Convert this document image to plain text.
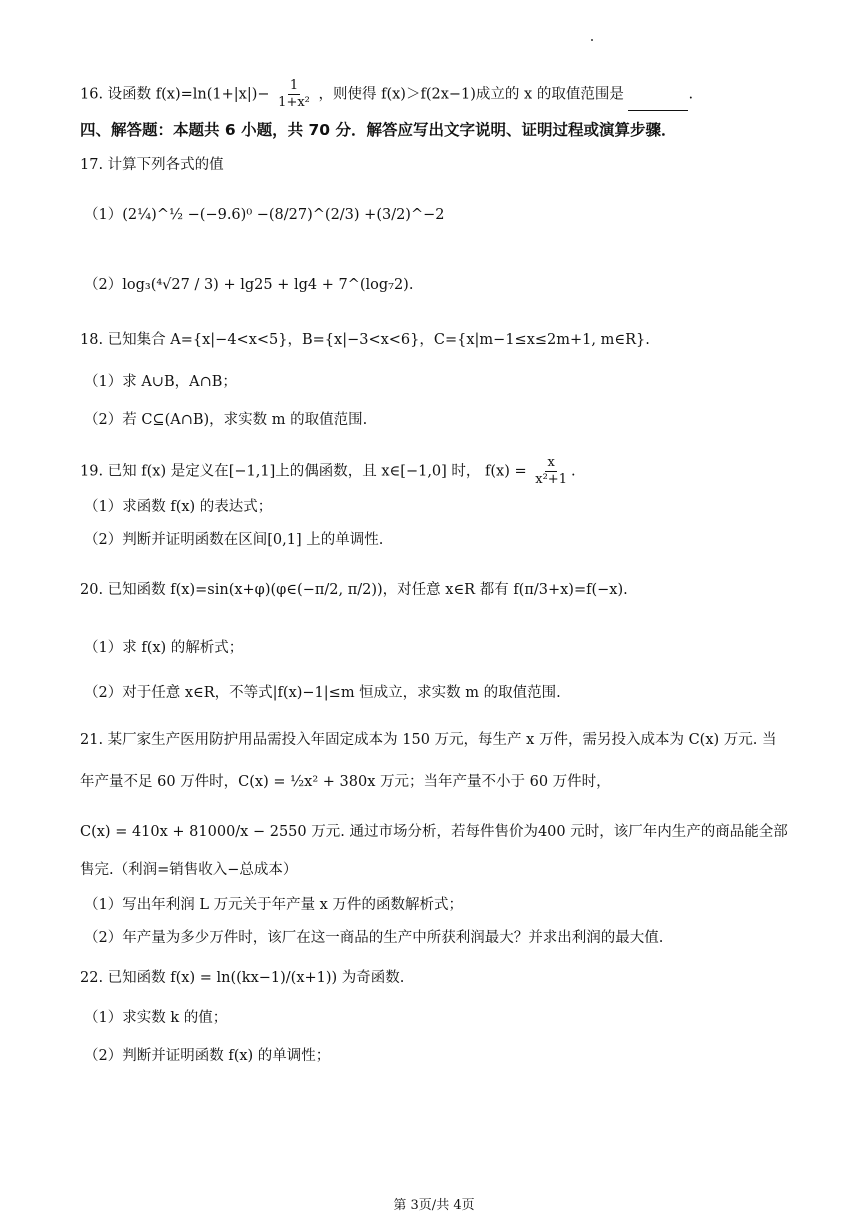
16. 设函数 $f(x)=\ln(1+|x|)- \frac{1}{\text{1+x²}}$ ，则使得 f(x)＞f(2x−1)成立的 x 的取值范围是	.
四、解答题：本题共 6 小题，共 70 分．解答应写出文字说明、证明过程或演算步骤．
17. 计算下列各式的值
（1）(2¼)^½ −(−9.6)⁰ −(8/27)^(2/3) +(3/2)^−2
（2）log₃(⁴√27 / 3) + lg25 + lg4 + 7^(log₇2).
18. 已知集合 A={x|−4<x<5}，B={x|−3<x<6}，C={x|m−1≤x≤2m+1, m∈R}.
（1）求 A∪B，A∩B；
（2）若 C⊆(A∩B)，求实数 m 的取值范围.
19. 已知 f(x) 是定义在[−1,1]上的偶函数，且 x∈[−1,0] 时， $f(x) = \frac{x}{\text{x²+1}}$ .
（1）求函数 f(x) 的表达式；
（2）判断并证明函数在区间[0,1] 上的单调性.
20. 已知函数 f(x)=sin(x+φ)(φ∈(−π/2, π/2))，对任意 x∈R 都有 f(π/3+x)=f(−x).
（1）求 f(x) 的解析式；
（2）对于任意 x∈R，不等式|f(x)−1|≤m 恒成立，求实数 m 的取值范围.
21. 某厂家生产医用防护用品需投入年固定成本为 150 万元，每生产 x 万件，需另投入成本为 C(x) 万元. 当
年产量不足 60 万件时，C(x) = ½x² + 380x 万元；当年产量不小于 60 万件时，
C(x) = 410x + 81000/x − 2550 万元. 通过市场分析，若每件售价为400 元时，该厂年内生产的商品能全部
售完.（利润=销售收入−总成本）
（1）写出年利润 L 万元关于年产量 x 万件的函数解析式；
（2）年产量为多少万件时，该厂在这一商品的生产中所获利润最大？并求出利润的最大值.
22. 已知函数 f(x) = ln((kx−1)/(x+1)) 为奇函数.
（1）求实数 k 的值；
（2）判断并证明函数 f(x) 的单调性；
第 3页/共 4页
